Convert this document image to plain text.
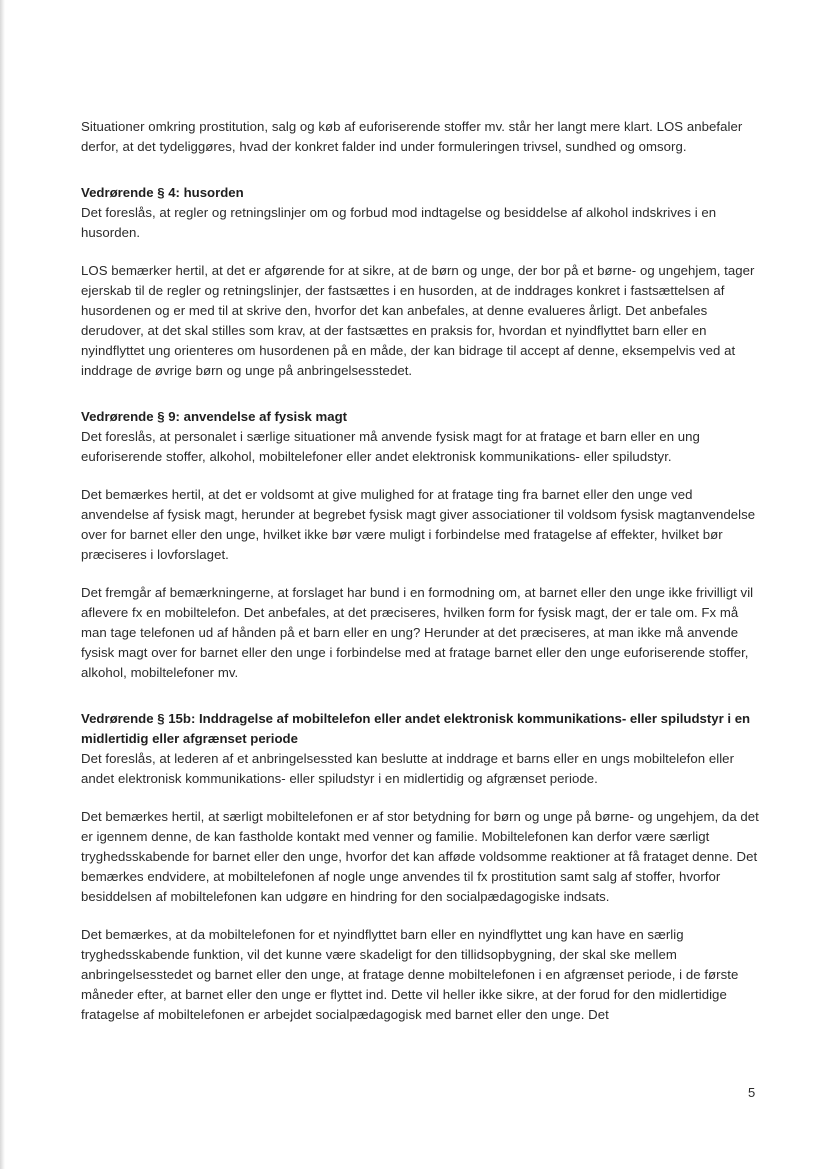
Situationer omkring prostitution, salg og køb af euforiserende stoffer mv. står her langt mere klart. LOS anbefaler derfor, at det tydeliggøres, hvad der konkret falder ind under formuleringen trivsel, sundhed og omsorg.

Vedrørende § 4: husorden

Det foreslås, at regler og retningslinjer om og forbud mod indtagelse og besiddelse af alkohol indskrives i en husorden.

LOS bemærker hertil, at det er afgørende for at sikre, at de børn og unge, der bor på et børne- og ungehjem, tager ejerskab til de regler og retningslinjer, der fastsættes i en husorden, at de inddrages konkret i fastsættelsen af husordenen og er med til at skrive den, hvorfor det kan anbefales, at denne evalueres årligt. Det anbefales derudover, at det skal stilles som krav, at der fastsættes en praksis for, hvordan et nyindflyttet barn eller en nyindflyttet ung orienteres om husordenen på en måde, der kan bidrage til accept af denne, eksempelvis ved at inddrage de øvrige børn og unge på anbringelsesstedet.

Vedrørende § 9: anvendelse af fysisk magt

Det foreslås, at personalet i særlige situationer må anvende fysisk magt for at fratage et barn eller en ung euforiserende stoffer, alkohol, mobiltelefoner eller andet elektronisk kommunikations- eller spiludstyr.

Det bemærkes hertil, at det er voldsomt at give mulighed for at fratage ting fra barnet eller den unge ved anvendelse af fysisk magt, herunder at begrebet fysisk magt giver associationer til voldsom fysisk magtanvendelse over for barnet eller den unge, hvilket ikke bør være muligt i forbindelse med fratagelse af effekter, hvilket bør præciseres i lovforslaget.

Det fremgår af bemærkningerne, at forslaget har bund i en formodning om, at barnet eller den unge ikke frivilligt vil aflevere fx en mobiltelefon. Det anbefales, at det præciseres, hvilken form for fysisk magt, der er tale om. Fx må man tage telefonen ud af hånden på et barn eller en ung? Herunder at det præciseres, at man ikke må anvende fysisk magt over for barnet eller den unge i forbindelse med at fratage barnet eller den unge euforiserende stoffer, alkohol, mobiltelefoner mv.

Vedrørende § 15b: Inddragelse af mobiltelefon eller andet elektronisk kommunikations- eller spiludstyr i en midlertidig eller afgrænset periode

Det foreslås, at lederen af et anbringelsessted kan beslutte at inddrage et barns eller en ungs mobiltelefon eller andet elektronisk kommunikations- eller spiludstyr i en midlertidig og afgrænset periode.

Det bemærkes hertil, at særligt mobiltelefonen er af stor betydning for børn og unge på børne- og ungehjem, da det er igennem denne, de kan fastholde kontakt med venner og familie. Mobiltelefonen kan derfor være særligt tryghedsskabende for barnet eller den unge, hvorfor det kan afføde voldsomme reaktioner at få frataget denne. Det bemærkes endvidere, at mobiltelefonen af nogle unge anvendes til fx prostitution samt salg af stoffer, hvorfor besiddelsen af mobiltelefonen kan udgøre en hindring for den socialpædagogiske indsats.

Det bemærkes, at da mobiltelefonen for et nyindflyttet barn eller en nyindflyttet ung kan have en særlig tryghedsskabende funktion, vil det kunne være skadeligt for den tillidsopbygning, der skal ske mellem anbringelsesstedet og barnet eller den unge, at fratage denne mobiltelefonen i en afgrænset periode, i de første måneder efter, at barnet eller den unge er flyttet ind. Dette vil heller ikke sikre, at der forud for den midlertidige fratagelse af mobiltelefonen er arbejdet socialpædagogisk med barnet eller den unge. Det

5
